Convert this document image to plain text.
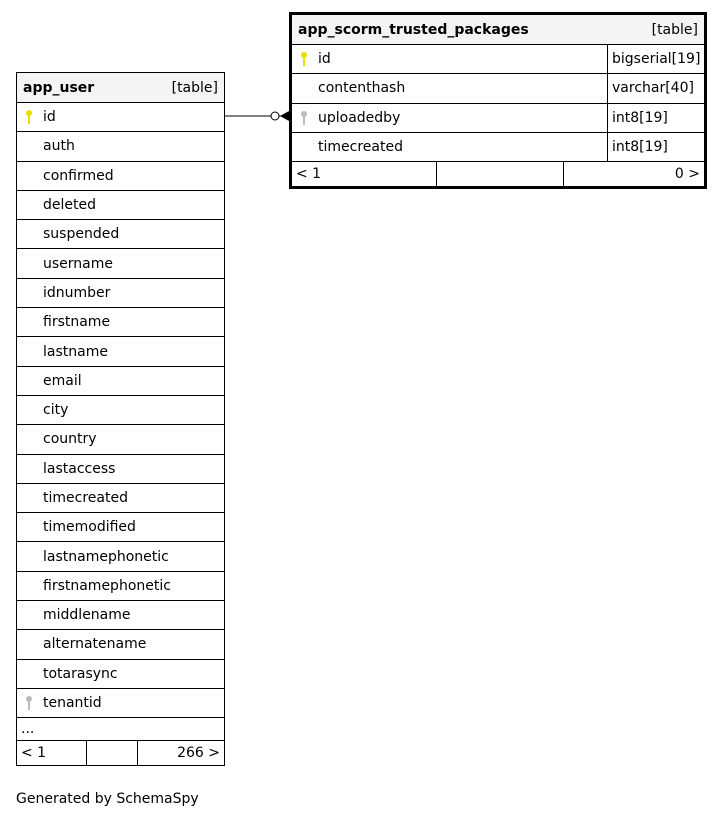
app_user	[table]
id
auth
confirmed
deleted
suspended
username
idnumber
firstname
lastname
email
city
country
lastaccess
timecreated
timemodified
lastnamephonetic
firstnamephonetic
middlename
alternatename
totarasync
tenantid
...
< 1	266 >
app_scorm_trusted_packages	[table]
id	bigserial[19]
contenthash	varchar[40]
uploadedby	int8[19]
timecreated	int8[19]
< 1	0 >
Generated by SchemaSpy
